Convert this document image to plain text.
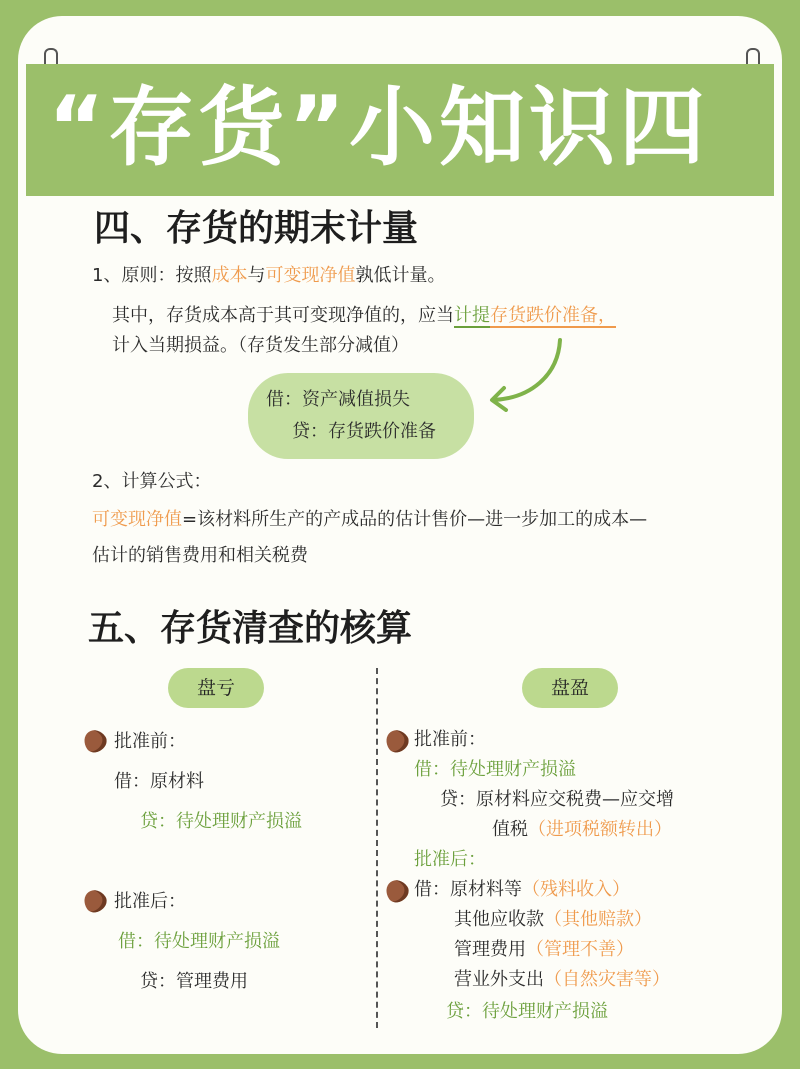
“存货”小知识四
四、存货的期末计量
1、原则：按照成本与可变现净值孰低计量。
其中，存货成本高于其可变现净值的，应当计提存货跌价准备，
计入当期损益。（存货发生部分减值）
借：资产减值损失
贷：存货跌价准备
2、计算公式：
可变现净值=该材料所生产的产成品的估计售价—进一步加工的成本—
估计的销售费用和相关税费
五、存货清查的核算
盘亏
批准前：
借：原材料
贷：待处理财产损溢
批准后：
借：待处理财产损溢
贷：管理费用
盘盈
批准前：
借：待处理财产损溢
贷：原材料应交税费—应交增
值税（进项税额转出）
批准后：
借：原材料等（残料收入）
其他应收款（其他赔款）
管理费用（管理不善）
营业外支出（自然灾害等）
贷：待处理财产损溢
